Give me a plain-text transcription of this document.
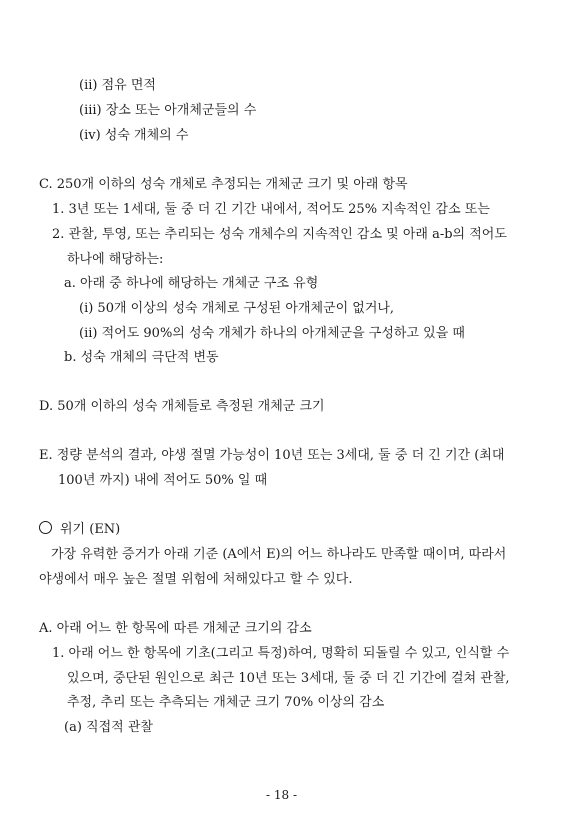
(ii) 점유 면적
(iii) 장소 또는 아개체군들의 수
(iv) 성숙 개체의 수
C. 250개 이하의 성숙 개체로 추정되는 개체군 크기 및 아래 항목
1. 3년 또는 1세대, 둘 중 더 긴 기간 내에서, 적어도 25% 지속적인 감소 또는
2. 관찰, 투영, 또는 추리되는 성숙 개체수의 지속적인 감소 및 아래 a-b의 적어도
하나에 해당하는:
a. 아래 중 하나에 해당하는 개체군 구조 유형
(i) 50개 이상의 성숙 개체로 구성된 아개체군이 없거나,
(ii) 적어도 90%의 성숙 개체가 하나의 아개체군을 구성하고 있을 때
b. 성숙 개체의 극단적 변동
D. 50개 이하의 성숙 개체들로 측정된 개체군 크기
E. 정량 분석의 결과, 야생 절멸 가능성이 10년 또는 3세대, 둘 중 더 긴 기간 (최대
100년 까지) 내에 적어도 50% 일 때
위기 (EN)
가장 유력한 증거가 아래 기준 (A에서 E)의 어느 하나라도 만족할 때이며, 따라서
야생에서 매우 높은 절멸 위험에 처해있다고 할 수 있다.
A. 아래 어느 한 항목에 따른 개체군 크기의 감소
1. 아래 어느 한 항목에 기초(그리고 특정)하여, 명확히 되돌릴 수 있고, 인식할 수
있으며, 중단된 원인으로 최근 10년 또는 3세대, 둘 중 더 긴 기간에 걸쳐 관찰,
추정, 추리 또는 추측되는 개체군 크기 70% 이상의 감소
(a) 직접적 관찰
- 18 -
